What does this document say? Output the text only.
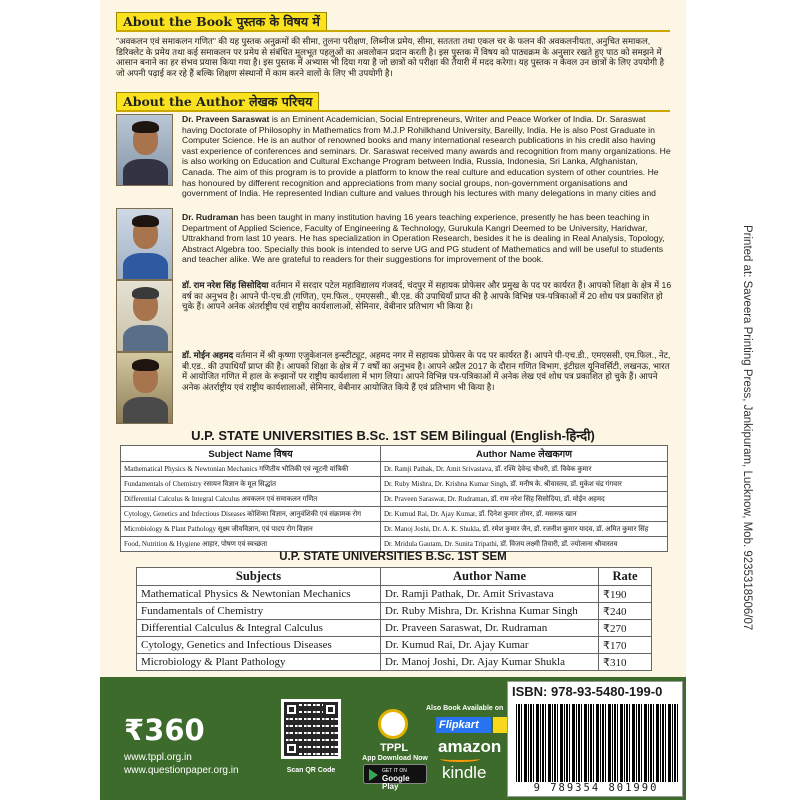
About the Book पुस्तक के विषय में
"अवकलन एवं समाकलन गणित" की यह पुस्तक अनुक्रमों की सीमा, तुलना परीक्षण, लिब्नीज प्रमेय, सीमा, सततता तथा एकल चर के फलन की अवकलनीयता, अनुचित समाकल, डिरिक्लेट के प्रमेय तथा कई समाकलन पर प्रमेय से संबंधित मूलभूत पहलुओं का अवलोकन प्रदान करती है। इस पुस्तक में विषय को पाठ्यक्रम के अनुसार रखते हुए पाठ को समझने में आसान बनाने का हर संभव प्रयास किया गया है। इस पुस्तक में अभ्यास भी दिया गया है जो छात्रों को परीक्षा की तैयारी में मदद करेगा। यह पुस्तक न केवल उन छात्रों के लिए उपयोगी है जो अपनी पढ़ाई कर रहे हैं बल्कि शिक्षण संस्थानों में काम करने वालों के लिए भी उपयोगी है।
About the Author लेखक परिचय
Dr. Praveen Saraswat is an Eminent Academician, Social Entrepreneurs, Writer and Peace Worker of India. Dr. Saraswat having Doctorate of Philosophy in Mathematics from M.J.P Rohilkhand University, Bareilly, India. He is also Post Graduate in Computer Science. He is an author of renowned books and many international research publications in his credit also having vast experience of conferences and seminars. Dr. Saraswat received many awards and recognition from many organizations. He is also working on Education and Cultural Exchange Program between India, Russia, Indonesia, Sri Lanka, Afghanistan, Canada. The aim of this program is to provide a platform to know the real culture and education system of other countries. He has honoured by different recognition and appreciations from many social groups, non-government organisations and government of India. He represented Indian culture and values through his lectures with many delegations in many cities and
Dr. Rudraman has been taught in many institution having 16 years teaching experience, presently he has been teaching in Department of Applied Science, Faculty of Engineering & Technology, Gurukula Kangri Deemed to be University, Haridwar, Uttrakhand from last 10 years. He has specialization in Operation Research, besides it he is dealing in Real Analysis, Topology, Abstract Algebra too. Specially this book is intended to serve UG and PG student of Mathematics and will be useful to students and teacher alike. We are grateful to readers for their suggestions for improvement of the book.
डॉ. राम नरेश सिंह सिसोदिया वर्तमान में सरदार पटेल महाविद्यालय गंजवर्द, चंदपुर में सहायक प्रोफेसर और प्रमुख के पद पर कार्यरत हैं। आपको शिक्षा के क्षेत्र में 16 वर्ष का अनुभव है। आपने पी-एच.डी (गणित), एम.फिल., एमएससी., बी.एड. की उपाधियाँ प्राप्त की है आपके विभिन्न पत्र-पत्रिकाओं में 20 शोध पत्र प्रकाशित हो चुके हैं। आपने अनेक अंतर्राष्ट्रीय एवं राष्ट्रीय कार्यशालाओं, सेमिनार, वेबीनार प्रतिभाग भी किया है।
डॉ. मोईन अहमद वर्तमान में श्री कृष्णा एजुकेशनल इन्स्टीट्यूट, अहमद नगर में सहायक प्रोफेसर के पद पर कार्यरत हैं। आपने पी-एच.डी., एमएससी, एम.फिल., नेट, बी.एड.. की उपाधियाँ प्राप्त की है। आपको शिक्षा के क्षेत्र में 7 वर्षों का अनुभव है। आपने अप्रैल 2017 के दौरान गणित विभाग, इंटीग्रल यूनिवर्सिटी, लखनऊ, भारत में आयोजित गणित में हाल के रूझानों पर राष्ट्रीय कार्यशाला में भाग लिया। आपने विभिन्न पत्र-पत्रिकाओं में अनेक लेख एवं शोध पत्र प्रकाशित हो चुके हैं। आपने अनेक अंतर्राष्ट्रीय एवं राष्ट्रीय कार्यशालाओं, सेमिनार, वेबीनार आयोजित किये हैं एवं प्रतिभाग भी किया है।
U.P. STATE UNIVERSITIES B.Sc. 1ST SEM Bilingual (English-हिन्दी)
Subject Name विषय	Author Name लेखकगण
Mathematical Physics & Newtonian Mechanics गणितीय भौतिकी एवं न्यूटनी यांत्रिकी	Dr. Ramji Pathak, Dr. Amit Srivastava, डॉ. रश्मि देवेन्द्र चौधरी, डॉ. विवेक कुमार
Fundamentals of Chemistry रसायन विज्ञान के मूल सिद्धांत	Dr. Ruby Mishra, Dr. Krishna Kumar Singh, डॉ. मनीष के. श्रीवास्तव, डॉ. मुकेश चंद्र गंगवार
Differential Calculus & Integral Calculus अवकलन एवं समाकलन गणित	Dr. Praveen Saraswat, Dr. Rudraman, डॉ. राम नरेश सिंह सिसोदिया, डॉ. मोईन अहमद
Cytology, Genetics and Infectious Diseases कोशिका विज्ञान, आनुवंशिकी एवं संक्रामक रोग	Dr. Kumud Rai, Dr. Ajay Kumar, डॉ. दिनेश कुमार तोमर, डॉ. मसरुफ़ खान
Microbiology & Plant Pathology सूक्ष्म जीवविज्ञान, एवं पादप रोग विज्ञान	Dr. Manoj Joshi, Dr. A. K. Shukla, डॉ. रमेश कुमार जैन, डॉ. रजनीश कुमार यादव, डॉ. अमित कुमार सिंह
Food, Nutrition & Hygiene आहार, पोषण एवं स्वच्छता	Dr. Mridula Gautam, Dr. Sunita Tripathi, डॉ. विजय लक्ष्मी तिवारी, डॉ. ज्योत्सना श्रीवास्तव
U.P. STATE UNIVERSITIES B.Sc. 1ST SEM
Subjects	Author Name	Rate
Mathematical Physics & Newtonian Mechanics	Dr. Ramji Pathak, Dr. Amit Srivastava	₹190
Fundamentals of Chemistry	Dr. Ruby Mishra, Dr. Krishna Kumar Singh	₹240
Differential Calculus & Integral Calculus	Dr. Praveen Saraswat, Dr. Rudraman	₹270
Cytology, Genetics and Infectious Diseases	Dr. Kumud Rai, Dr. Ajay Kumar	₹170
Microbiology & Plant Pathology	Dr. Manoj Joshi, Dr. Ajay Kumar Shukla	₹310
₹360
www.tppl.org.in
www.questionpaper.org.in	Scan QR Code
TPPL
App Download Now
GET IT ON
Google Play
Also Book Available on
Flipkart
amazon
kindle
ISBN: 978-93-5480-199-0
9 789354 801990
Printed at: Saveera Printing Press, Jankipuram, Lucknow, Mob. 9235318506/07
